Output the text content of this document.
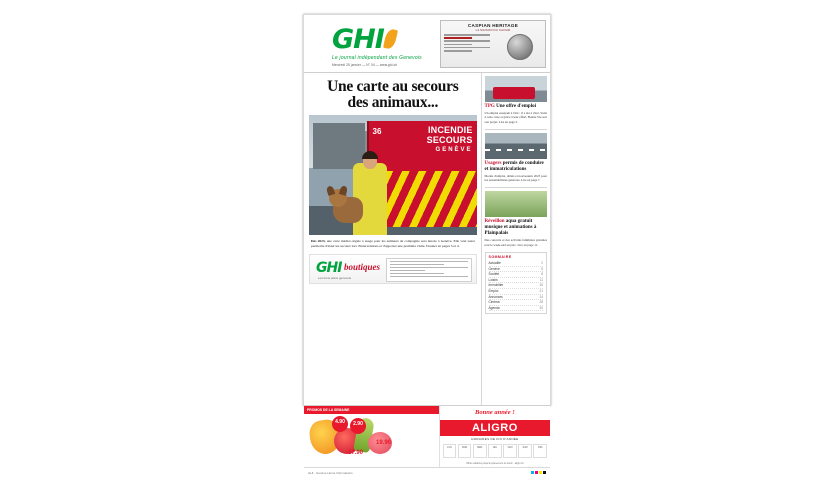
GHI
Le journal indépendant des Genevois
Mercredi 25 janvier — N° 04 — www.ghi.ch
CASPIAN HERITAGE
LA MAISON DU CAVIAR
Une carte au secours
des animaux...
36	INCENDIE
SECOURS
GENÈVE
Dès 2023, une carte médico-légale à usage pour les animaux de compagnie sera lancée à Genève. Elle veut aussi permettre d'aider les secours lors d'interventions et d'apporter une première visite. Dossier en pages 3 et 4.
GHI boutiques
Les bons plans genevois
TPG Une offre d'emploi
Un emploi essuyant à l'été : il a été à vitré. Suite à cette crise et grâce à leur effort, Bonne Vie sort son projet. Lire en page 5.
Usagers permis de conduire et immatriculations
Modes d'emploi, délais et nouveautés 2023 pour les automobilistes genevois. Lire en page 7.
Réveillon aqua gratuit musique et animations à Plainpalais
Des concerts et des activités familiales gratuites tout le week-end au parc. Lire en page 11.
SOMMAIRE
Actualité	2
Genève	5
Société	8
Loisirs	11
Immobilier	16
Emploi	21
Annonces	24
Cinéma	28
Agenda	30
PROMOS DE LA SEMAINE
4.90	2.90
19.90
17.90
Bonne année !
ALIGRO
HORAIRES DE FIN D'ANNÉE
LUN	MAR	MER	JEU	VEN	SAM	DIM
Offres valables jusqu'à épuisement du stock · aligro.ch
GHI · Genève Home Informations
